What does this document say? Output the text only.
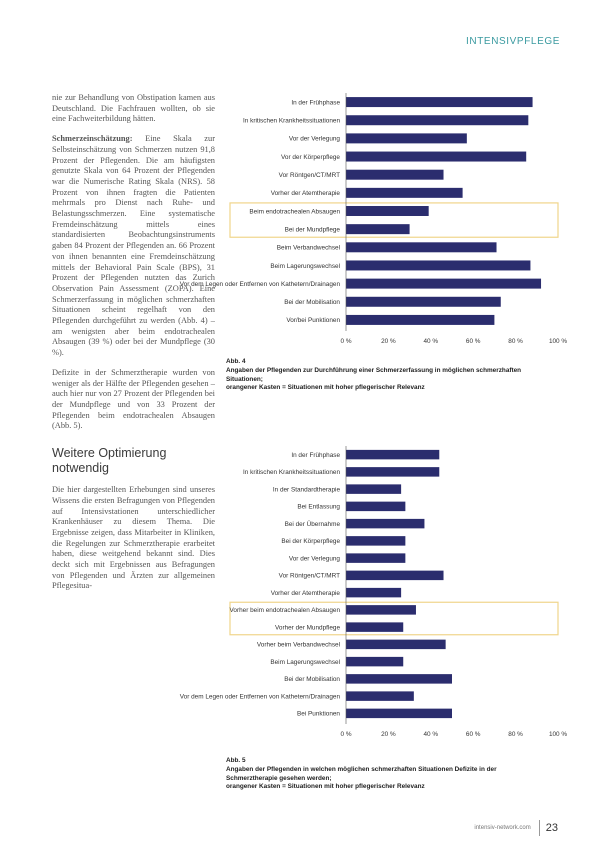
INTENSIVPFLEGE

nie zur Behandlung von Obstipation kamen aus Deutschland. Die Fachfrauen wollten, ob sie eine Fachweiterbildung hätten.

Schmerzeinschätzung: Eine Skala zur Selbsteinschätzung von Schmerzen nutzen 91,8 Prozent der Pflegenden. Die am häufigsten genutzte Skala von 64 Prozent der Pflegenden war die Numerische Rating Skala (NRS). 58 Prozent von ihnen fragten die Patienten mehrmals pro Dienst nach Ruhe- und Belastungsschmerzen. Eine systematische Fremdeinschätzung mittels eines standardisierten Beobachtungsinstruments gaben 84 Prozent der Pflegenden an. 66 Prozent von ihnen benannten eine Fremdeinschätzung mittels der Behavioral Pain Scale (BPS), 31 Prozent der Pflegenden nutzten das Zurich Observation Pain Assessment (ZOPA). Eine Schmerzerfassung in möglichen schmerzhaften Situationen scheint regelhaft von den Pflegenden durchgeführt zu werden (Abb. 4) – am wenigsten aber beim endotrachealen Absaugen (39 %) oder bei der Mundpflege (30 %).

Defizite in der Schmerztherapie wurden von weniger als der Hälfte der Pflegenden gesehen – auch hier nur von 27 Prozent der Pflegenden bei der Mundpflege und von 33 Prozent der Pflegenden beim endotrachealen Absaugen (Abb. 5).

Weitere Optimierung notwendig

Die hier dargestellten Erhebungen sind unseres Wissens die ersten Befragungen von Pflegenden auf Intensivstationen unterschiedlicher Krankenhäuser zu diesem Thema. Die Ergebnisse zeigen, dass Mitarbeiter in Kliniken, die Regelungen zur Schmerztherapie erarbeitet haben, diese weitgehend bekannt sind. Dies deckt sich mit Ergebnissen aus Befragungen von Pflegenden und Ärzten zur allgemeinen Pflegesitua-

In der Frühphase
In kritischen Krankheitssituationen
Vor der Verlegung
Vor der Körperpflege
Vor Röntgen/CT/MRT
Vorher der Atemtherapie
Beim endotrachealen Absaugen
Bei der Mundpflege
Beim Verbandwechsel
Beim Lagerungswechsel
Vor dem Legen oder Entfernen von Kathetern/Drainagen
Bei der Mobilisation
Vor/bei Punktionen
0 %	20 %	40 %	60 %	80 %	100 %
Abb. 4
Angaben der Pflegenden zur Durchführung einer Schmerzerfassung in möglichen schmerzhaften Situationen;
orangener Kasten = Situationen mit hoher pflegerischer Relevanz
In der Frühphase
In kritischen Krankheitssituationen
In der Standardtherapie
Bei Entlassung
Bei der Übernahme
Bei der Körperpflege
Vor der Verlegung
Vor Röntgen/CT/MRT
Vorher der Atemtherapie
Vorher beim endotrachealen Absaugen
Vorher der Mundpflege
Vorher beim Verbandwechsel
Beim Lagerungswechsel
Bei der Mobilisation
Vor dem Legen oder Entfernen von Kathetern/Drainagen
Bei Punktionen
0 %	20 %	40 %	60 %	80 %	100 %
Abb. 5
Angaben der Pflegenden in welchen möglichen schmerzhaften Situationen Defizite in der Schmerztherapie gesehen werden;
orangener Kasten = Situationen mit hoher pflegerischer Relevanz
intensiv-network.com 23
